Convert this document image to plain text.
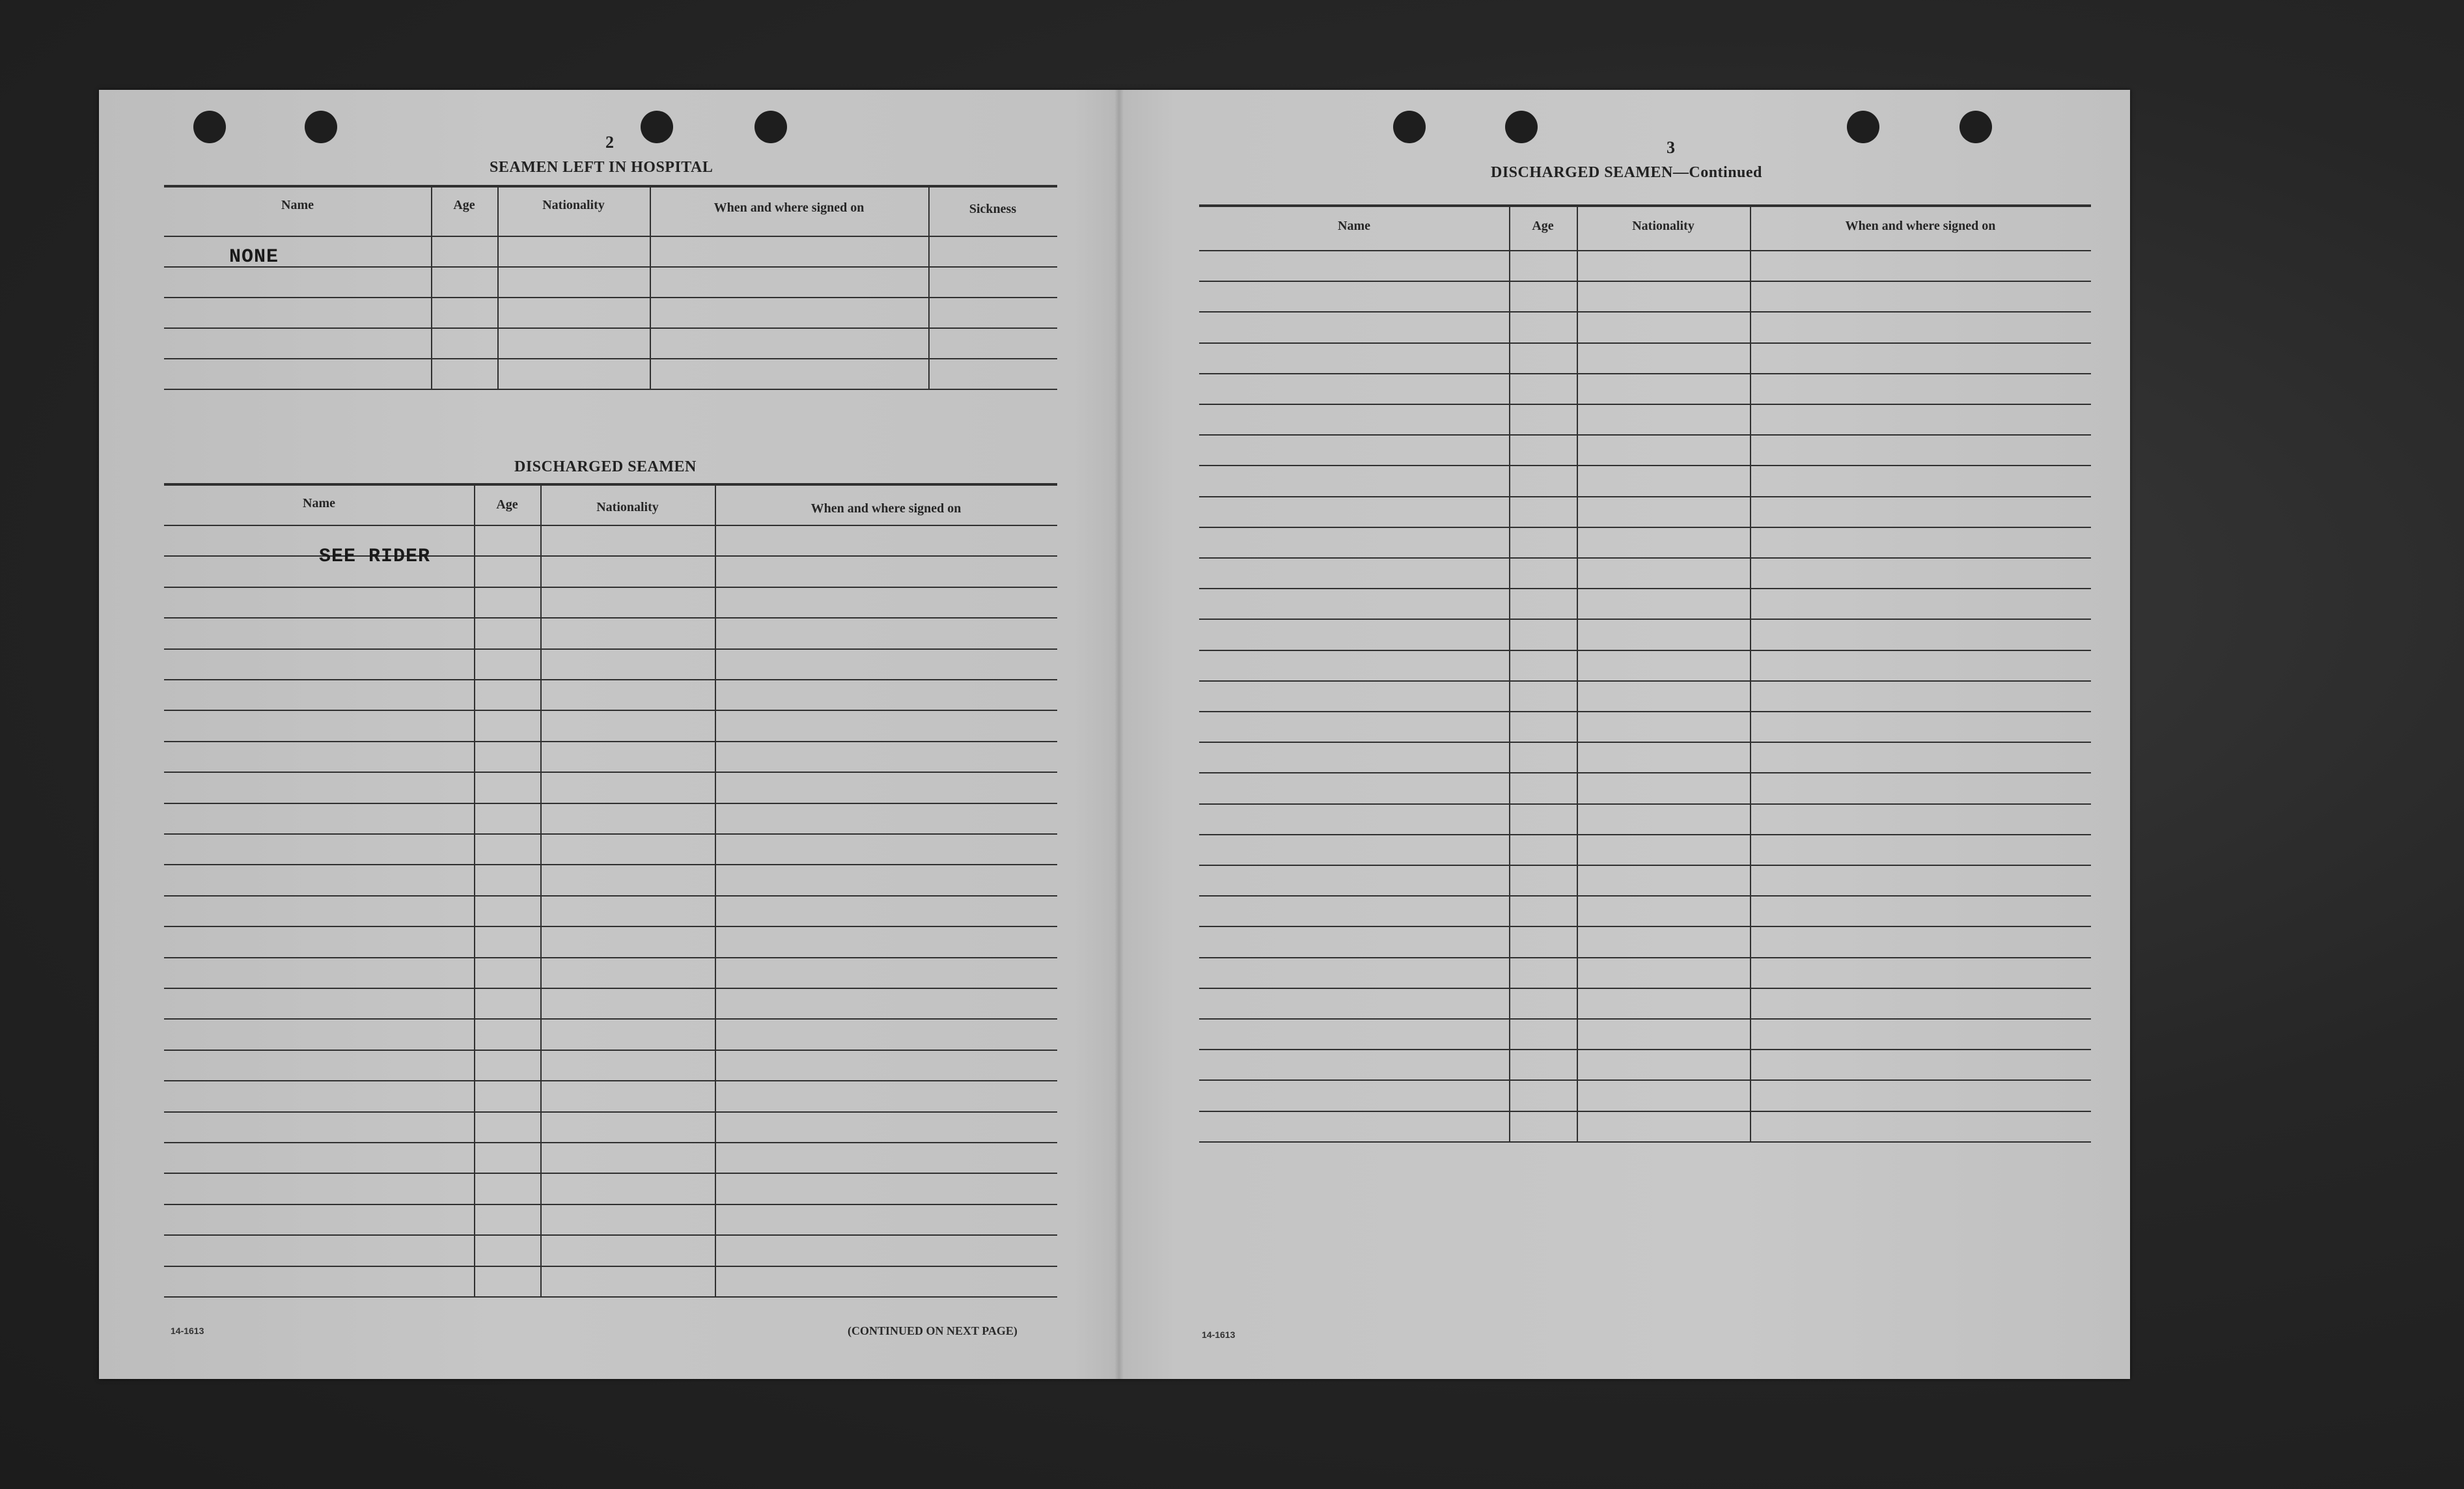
2
SEAMEN LEFT IN HOSPITAL
Name	Age	Nationality	When and where signed on	Sickness
NONE
DISCHARGED SEAMEN
Name	Age	Nationality	When and where signed on
SEE RIDER
14-1613	(CONTINUED ON NEXT PAGE)
3
DISCHARGED SEAMEN—Continued
Name	Age	Nationality	When and where signed on
14-1613
